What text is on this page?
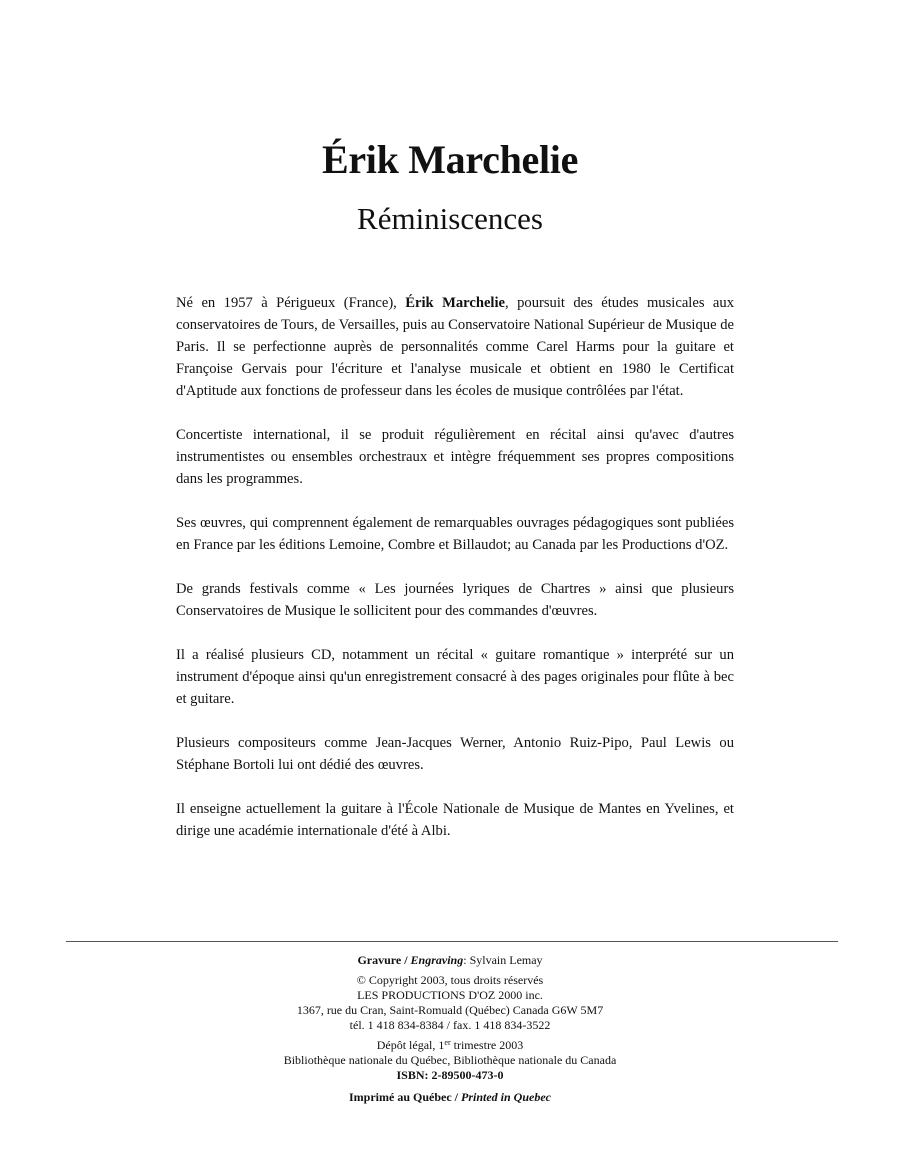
Érik Marchelie
Réminiscences

Né en 1957 à Périgueux (France), Érik Marchelie, poursuit des études musicales aux conservatoires de Tours, de Versailles, puis au Conservatoire National Supérieur de Musique de Paris. Il se perfectionne auprès de personnalités comme Carel Harms pour la guitare et Françoise Gervais pour l'écriture et l'analyse musicale et obtient en 1980 le Certificat d'Aptitude aux fonctions de professeur dans les écoles de musique contrôlées par l'état.

Concertiste international, il se produit régulièrement en récital ainsi qu'avec d'autres instrumentistes ou ensembles orchestraux et intègre fréquemment ses propres compositions dans les programmes.

Ses œuvres, qui comprennent également de remarquables ouvrages pédagogiques sont publiées en France par les éditions Lemoine, Combre et Billaudot; au Canada par les Productions d'OZ.

De grands festivals comme « Les journées lyriques de Chartres » ainsi que plusieurs Conservatoires de Musique le sollicitent pour des commandes d'œuvres.

Il a réalisé plusieurs CD, notamment un récital « guitare romantique » interprété sur un instrument d'époque ainsi qu'un enregistrement consacré à des pages originales pour flûte à bec et guitare.

Plusieurs compositeurs comme Jean-Jacques Werner, Antonio Ruiz-Pipo, Paul Lewis ou Stéphane Bortoli lui ont dédié des œuvres.

Il enseigne actuellement la guitare à l'École Nationale de Musique de Mantes en Yvelines, et dirige une académie internationale d'été à Albi.

Gravure / Engraving: Sylvain Lemay
© Copyright 2003, tous droits réservés
LES PRODUCTIONS D'OZ 2000 inc.
1367, rue du Cran, Saint-Romuald (Québec) Canada G6W 5M7
tél. 1 418 834-8384 / fax. 1 418 834-3522
Dépôt légal, 1er trimestre 2003
Bibliothèque nationale du Québec, Bibliothèque nationale du Canada
ISBN: 2-89500-473-0
Imprimé au Québec / Printed in Quebec
